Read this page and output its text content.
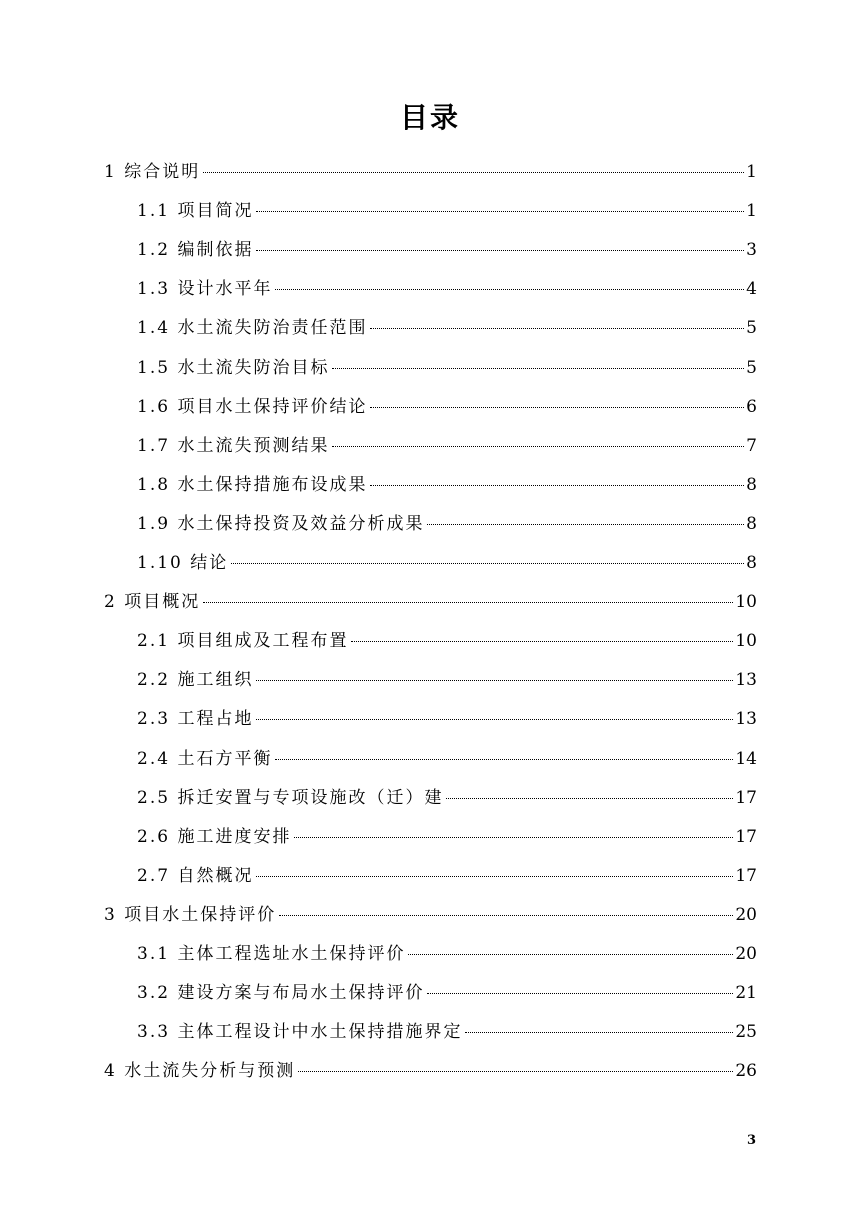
目录
1 综合说明	1
1.1 项目简况	1
1.2 编制依据	3
1.3 设计水平年	4
1.4 水土流失防治责任范围	5
1.5 水土流失防治目标	5
1.6 项目水土保持评价结论	6
1.7 水土流失预测结果	7
1.8 水土保持措施布设成果	8
1.9 水土保持投资及效益分析成果	8
1.10 结论	8
2 项目概况	10
2.1 项目组成及工程布置	10
2.2 施工组织	13
2.3 工程占地	13
2.4 土石方平衡	14
2.5 拆迁安置与专项设施改（迁）建	17
2.6 施工进度安排	17
2.7 自然概况	17
3 项目水土保持评价	20
3.1 主体工程选址水土保持评价	20
3.2 建设方案与布局水土保持评价	21
3.3 主体工程设计中水土保持措施界定	25
4 水土流失分析与预测	26
3
